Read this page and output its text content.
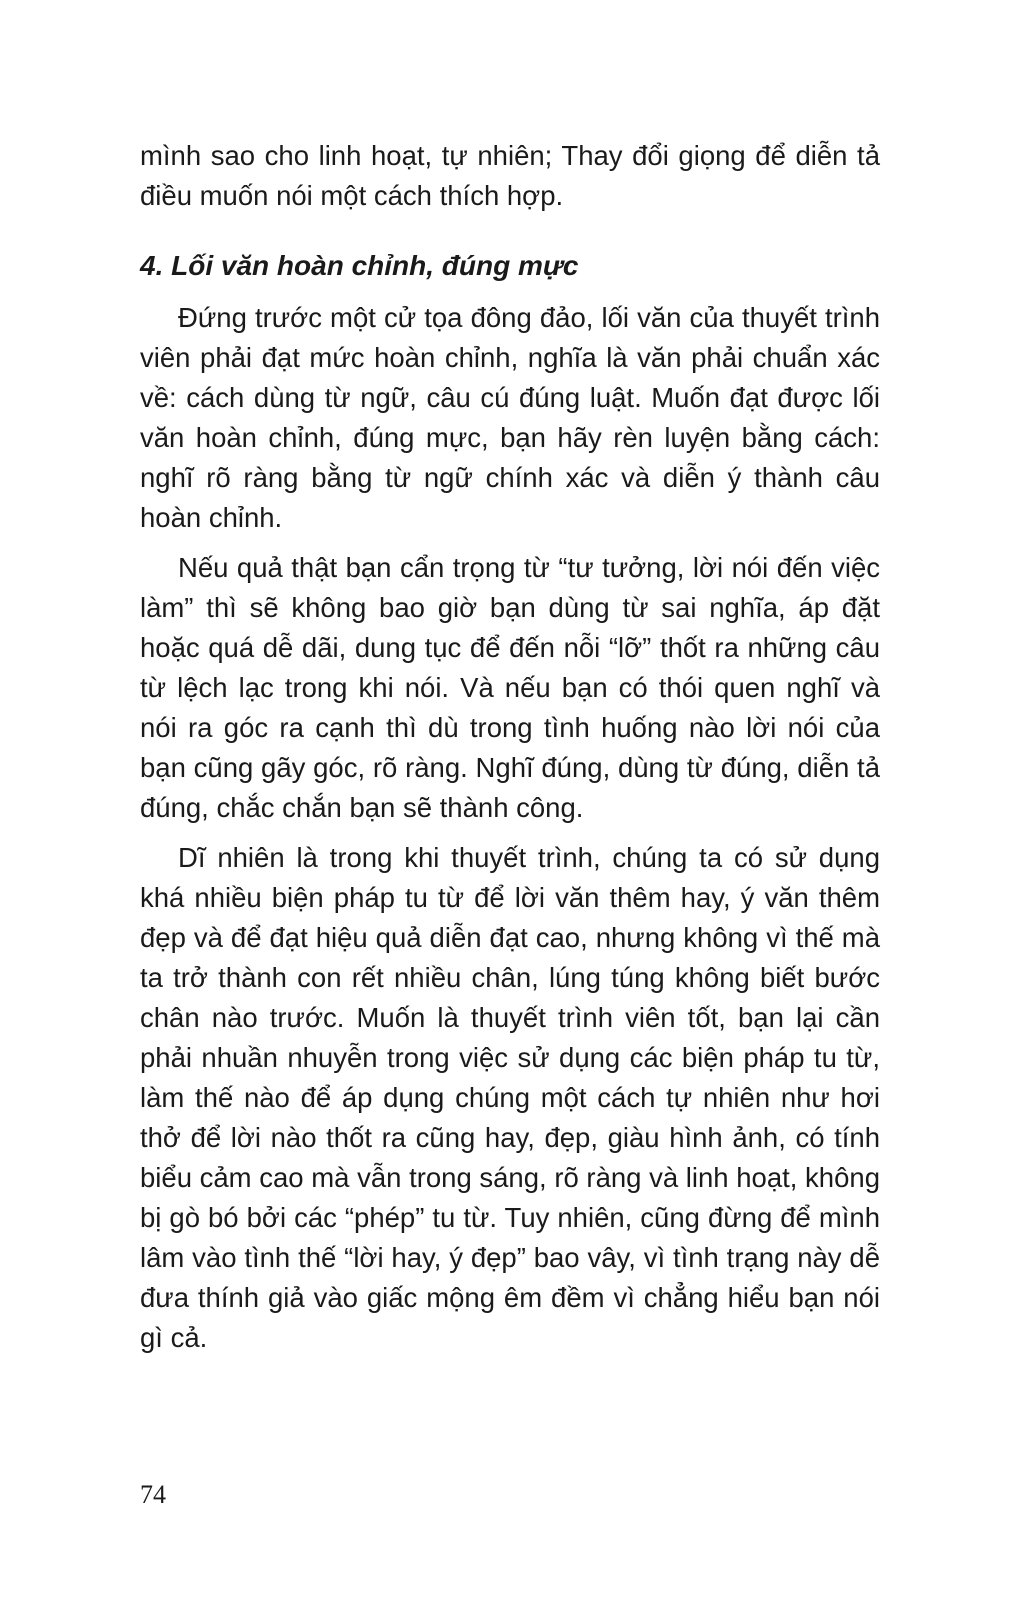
mình sao cho linh hoạt, tự nhiên; Thay đổi giọng để diễn tả điều muốn nói một cách thích hợp.

4. Lối văn hoàn chỉnh, đúng mực

Đứng trước một cử tọa đông đảo, lối văn của thuyết trình viên phải đạt mức hoàn chỉnh, nghĩa là văn phải chuẩn xác về: cách dùng từ ngữ, câu cú đúng luật. Muốn đạt được lối văn hoàn chỉnh, đúng mực, bạn hãy rèn luyện bằng cách: nghĩ rõ ràng bằng từ ngữ chính xác và diễn ý thành câu hoàn chỉnh.

Nếu quả thật bạn cẩn trọng từ “tư tưởng, lời nói đến việc làm” thì sẽ không bao giờ bạn dùng từ sai nghĩa, áp đặt hoặc quá dễ dãi, dung tục để đến nỗi “lỡ” thốt ra những câu từ lệch lạc trong khi nói. Và nếu bạn có thói quen nghĩ và nói ra góc ra cạnh thì dù trong tình huống nào lời nói của bạn cũng gãy góc, rõ ràng. Nghĩ đúng, dùng từ đúng, diễn tả đúng, chắc chắn bạn sẽ thành công.

Dĩ nhiên là trong khi thuyết trình, chúng ta có sử dụng khá nhiều biện pháp tu từ để lời văn thêm hay, ý văn thêm đẹp và để đạt hiệu quả diễn đạt cao, nhưng không vì thế mà ta trở thành con rết nhiều chân, lúng túng không biết bước chân nào trước. Muốn là thuyết trình viên tốt, bạn lại cần phải nhuần nhuyễn trong việc sử dụng các biện pháp tu từ, làm thế nào để áp dụng chúng một cách tự nhiên như hơi thở để lời nào thốt ra cũng hay, đẹp, giàu hình ảnh, có tính biểu cảm cao mà vẫn trong sáng, rõ ràng và linh hoạt, không bị gò bó bởi các “phép” tu từ. Tuy nhiên, cũng đừng để mình lâm vào tình thế “lời hay, ý đẹp” bao vây, vì tình trạng này dễ đưa thính giả vào giấc mộng êm đềm vì chẳng hiểu bạn nói gì cả.

74
